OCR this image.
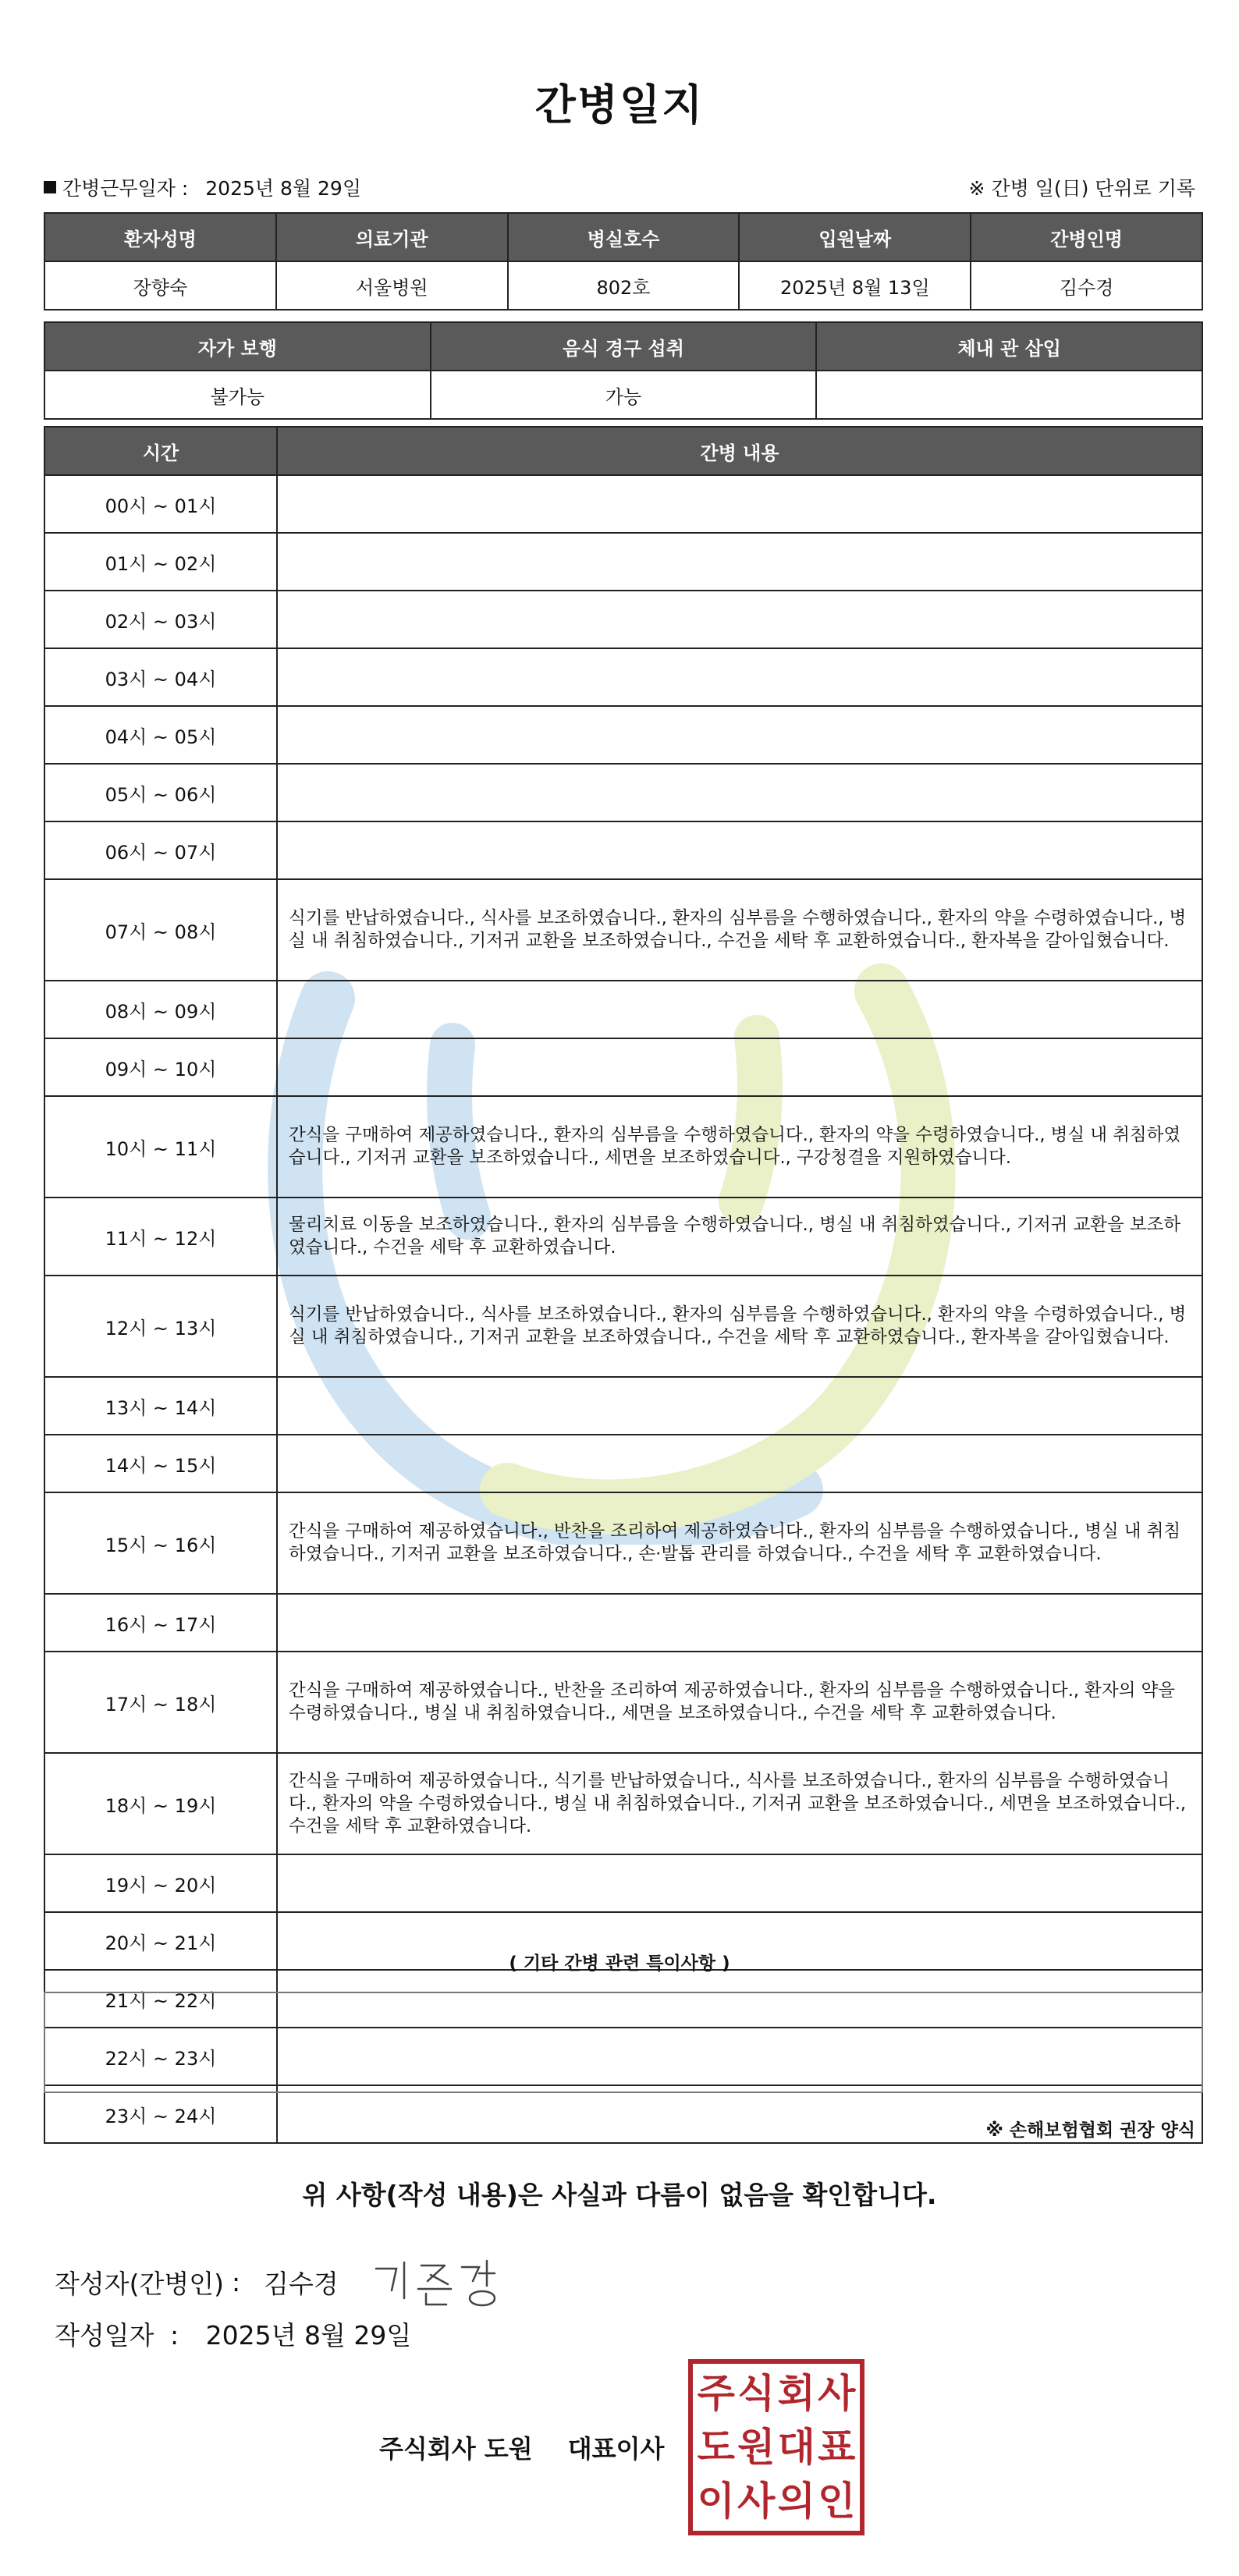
간병일지
간병근무일자 : 2025년 8월 29일	※ 간병 일(日) 단위로 기록
환자성명	의료기관	병실호수	입원날짜	간병인명
장향숙	서울병원	802호	2025년 8월 13일	김수경
자가 보행	음식 경구 섭취	체내 관 삽입
불가능	가능	
시간	간병 내용
00시 ~ 01시	
01시 ~ 02시	
02시 ~ 03시	
03시 ~ 04시	
04시 ~ 05시	
05시 ~ 06시	
06시 ~ 07시	
07시 ~ 08시	식기를 반납하였습니다., 식사를 보조하였습니다., 환자의 심부름을 수행하였습니다., 환자의 약을 수령하였습니다., 병실 내 취침하였습니다., 기저귀 교환을 보조하였습니다., 수건을 세탁 후 교환하였습니다., 환자복을 갈아입혔습니다.
08시 ~ 09시	
09시 ~ 10시	
10시 ~ 11시	간식을 구매하여 제공하였습니다., 환자의 심부름을 수행하였습니다., 환자의 약을 수령하였습니다., 병실 내 취침하였습니다., 기저귀 교환을 보조하였습니다., 세면을 보조하였습니다., 구강청결을 지원하였습니다.
11시 ~ 12시	물리치료 이동을 보조하였습니다., 환자의 심부름을 수행하였습니다., 병실 내 취침하였습니다., 기저귀 교환을 보조하였습니다., 수건을 세탁 후 교환하였습니다.
12시 ~ 13시	식기를 반납하였습니다., 식사를 보조하였습니다., 환자의 심부름을 수행하였습니다., 환자의 약을 수령하였습니다., 병실 내 취침하였습니다., 기저귀 교환을 보조하였습니다., 수건을 세탁 후 교환하였습니다., 환자복을 갈아입혔습니다.
13시 ~ 14시	
14시 ~ 15시	
15시 ~ 16시	간식을 구매하여 제공하였습니다., 반찬을 조리하여 제공하였습니다., 환자의 심부름을 수행하였습니다., 병실 내 취침하였습니다., 기저귀 교환을 보조하였습니다., 손·발톱 관리를 하였습니다., 수건을 세탁 후 교환하였습니다.
16시 ~ 17시	
17시 ~ 18시	간식을 구매하여 제공하였습니다., 반찬을 조리하여 제공하였습니다., 환자의 심부름을 수행하였습니다., 환자의 약을 수령하였습니다., 병실 내 취침하였습니다., 세면을 보조하였습니다., 수건을 세탁 후 교환하였습니다.
18시 ~ 19시	간식을 구매하여 제공하였습니다., 식기를 반납하였습니다., 식사를 보조하였습니다., 환자의 심부름을 수행하였습니다., 환자의 약을 수령하였습니다., 병실 내 취침하였습니다., 기저귀 교환을 보조하였습니다., 세면을 보조하였습니다., 수건을 세탁 후 교환하였습니다.
19시 ~ 20시	
20시 ~ 21시	
21시 ~ 22시	
22시 ~ 23시	
23시 ~ 24시	
( 기타 간병 관련 특이사항 )
※ 손해보험협회 권장 양식
위 사항(작성 내용)은 사실과 다름이 없음을 확인합니다.
작성자(간병인) : 김수경
작성일자 : 2025년 8월 29일
주식회사 도원 대표이사
주 식 회 사
도 원 대 표
이 사 의 인
